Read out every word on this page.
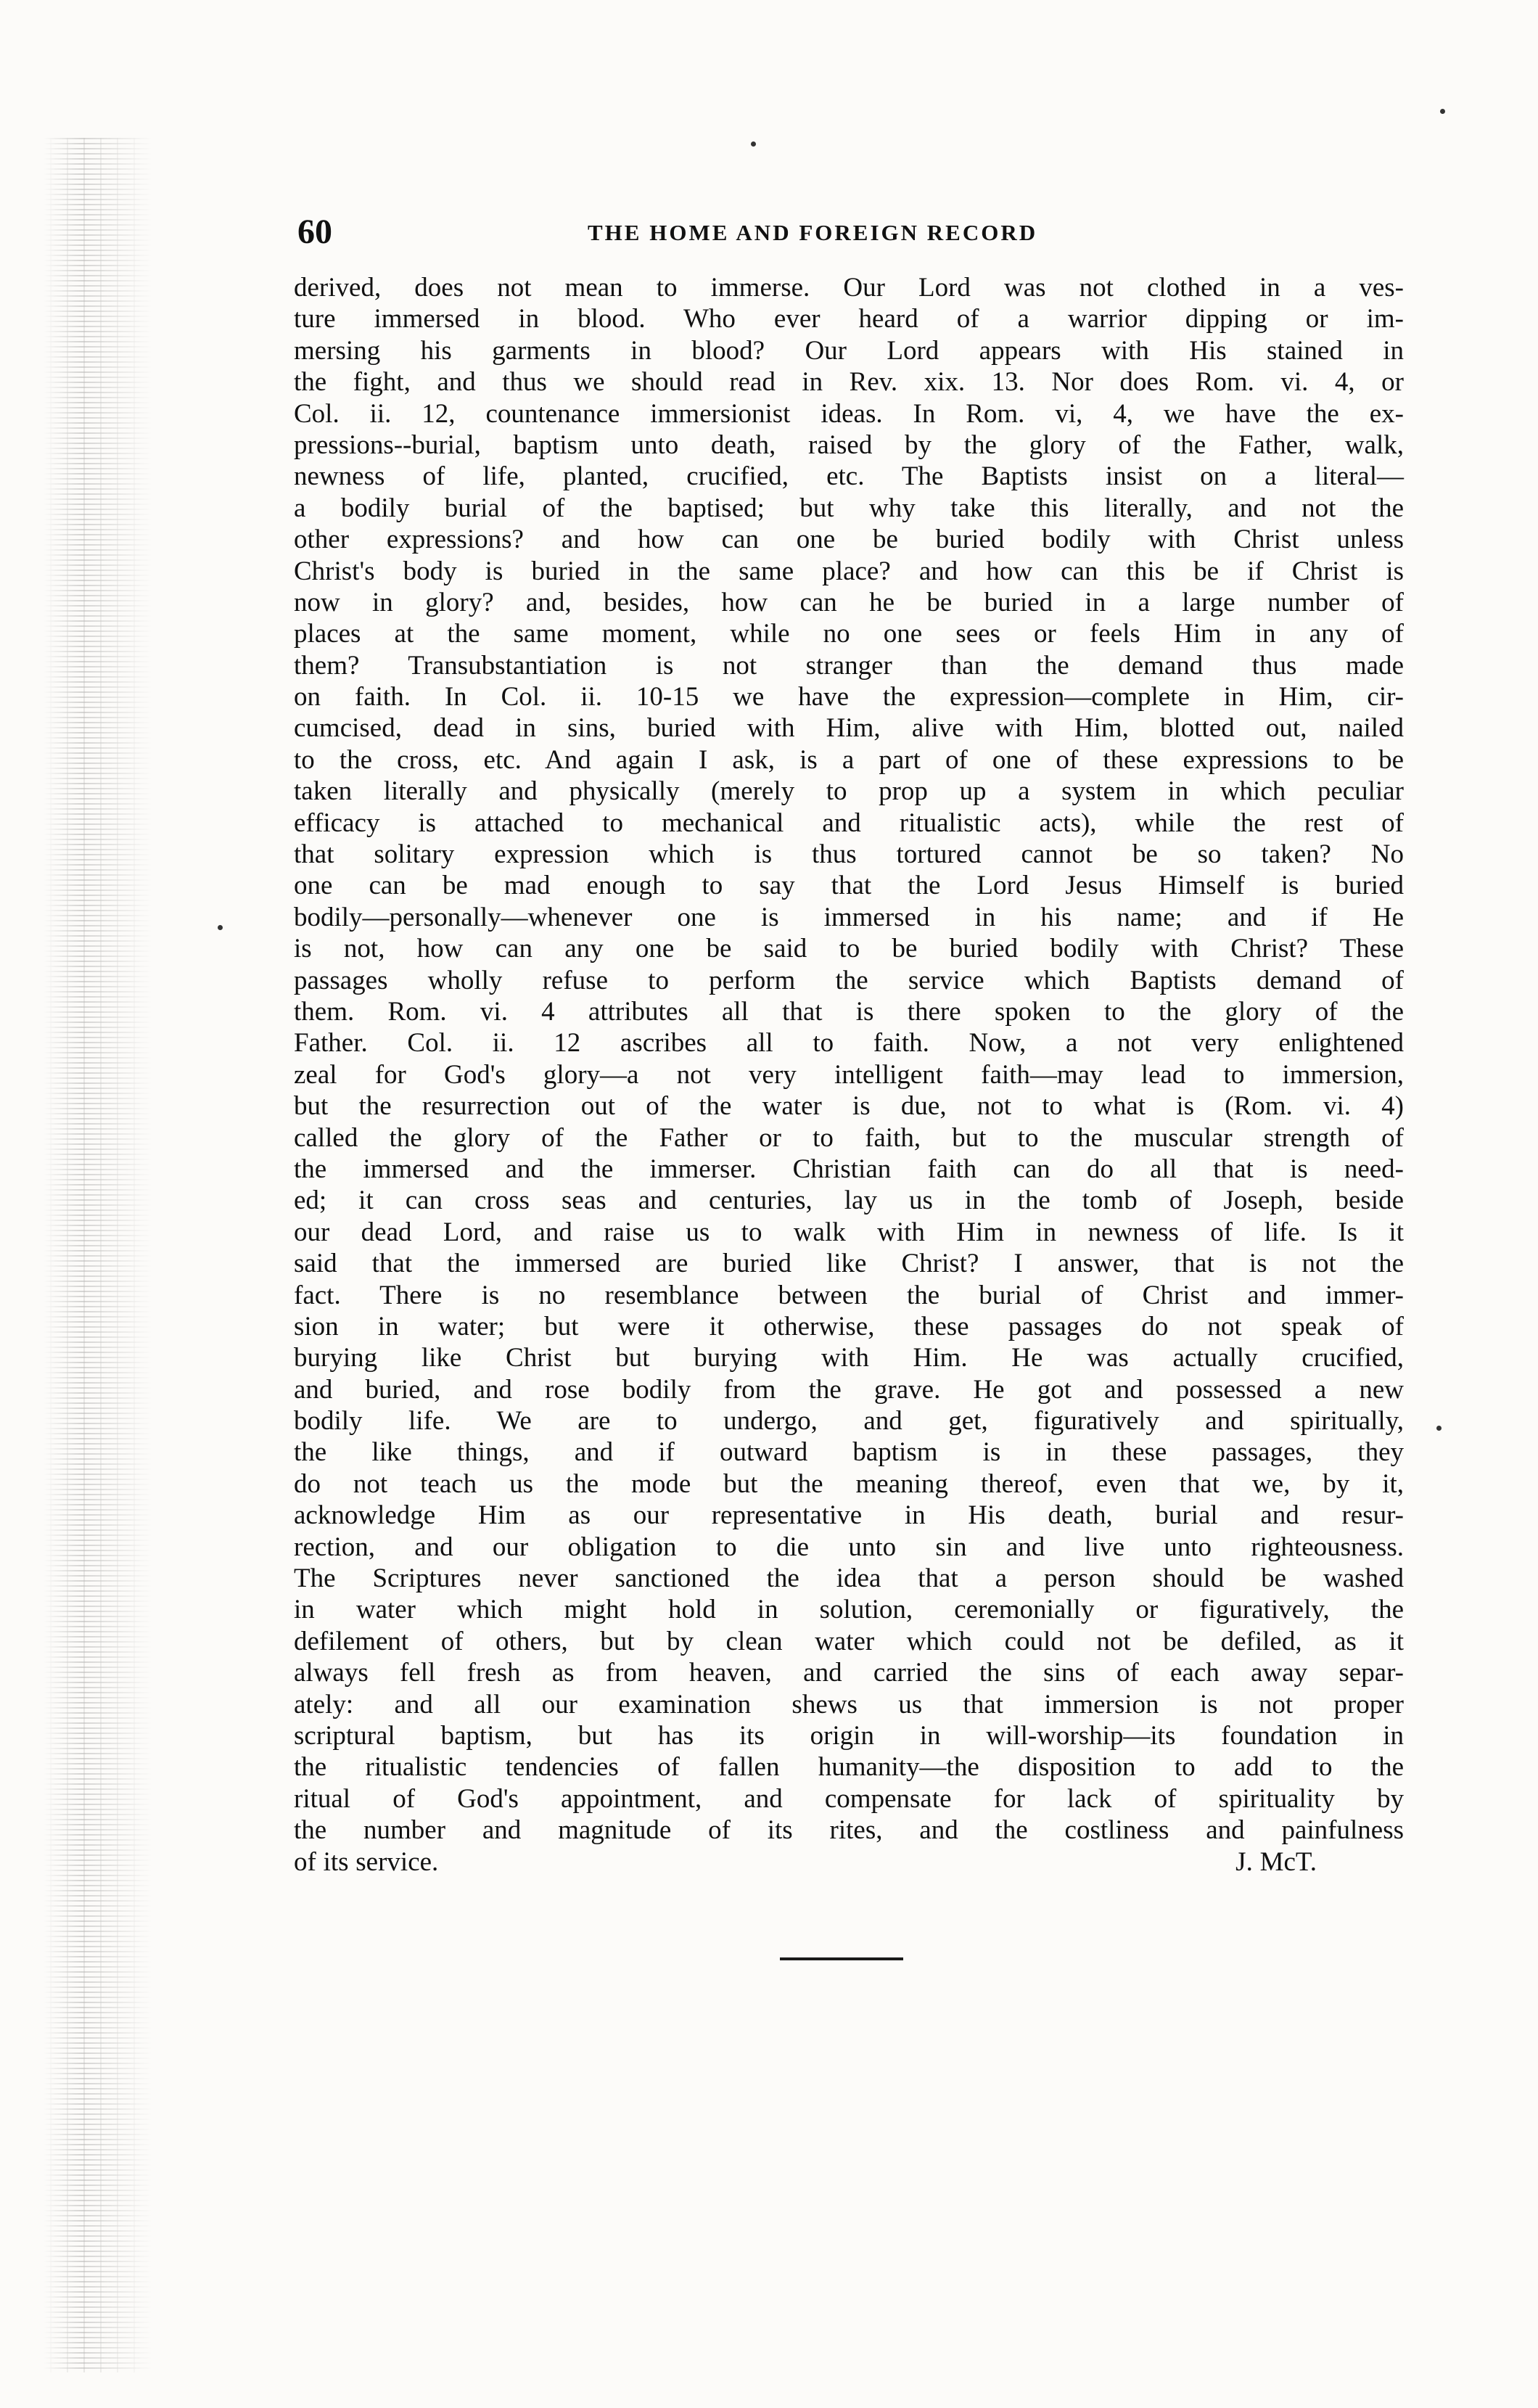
60	THE HOME AND FOREIGN RECORD
derived, does not mean to immerse. Our Lord was not clothed in a ves-
ture immersed in blood. Who ever heard of a warrior dipping or im-
mersing his garments in blood? Our Lord appears with His stained in
the fight, and thus we should read in Rev. xix. 13. Nor does Rom. vi. 4, or
Col. ii. 12, countenance immersionist ideas. In Rom. vi, 4, we have the ex-
pressions--burial, baptism unto death, raised by the glory of the Father, walk,
newness of life, planted, crucified, etc. The Baptists insist on a literal—
a bodily burial of the baptised; but why take this literally, and not the
other expressions? and how can one be buried bodily with Christ unless
Christ's body is buried in the same place? and how can this be if Christ is
now in glory? and, besides, how can he be buried in a large number of
places at the same moment, while no one sees or feels Him in any of
them? Transubstantiation is not stranger than the demand thus made
on faith. In Col. ii. 10-15 we have the expression—complete in Him, cir-
cumcised, dead in sins, buried with Him, alive with Him, blotted out, nailed
to the cross, etc. And again I ask, is a part of one of these expressions to be
taken literally and physically (merely to prop up a system in which peculiar
efficacy is attached to mechanical and ritualistic acts), while the rest of
that solitary expression which is thus tortured cannot be so taken? No
one can be mad enough to say that the Lord Jesus Himself is buried
bodily—personally—whenever one is immersed in his name; and if He
is not, how can any one be said to be buried bodily with Christ? These
passages wholly refuse to perform the service which Baptists demand of
them. Rom. vi. 4 attributes all that is there spoken to the glory of the
Father. Col. ii. 12 ascribes all to faith. Now, a not very enlightened
zeal for God's glory—a not very intelligent faith—may lead to immersion,
but the resurrection out of the water is due, not to what is (Rom. vi. 4)
called the glory of the Father or to faith, but to the muscular strength of
the immersed and the immerser. Christian faith can do all that is need-
ed; it can cross seas and centuries, lay us in the tomb of Joseph, beside
our dead Lord, and raise us to walk with Him in newness of life. Is it
said that the immersed are buried like Christ? I answer, that is not the
fact. There is no resemblance between the burial of Christ and immer-
sion in water; but were it otherwise, these passages do not speak of
burying like Christ but burying with Him. He was actually crucified,
and buried, and rose bodily from the grave. He got and possessed a new
bodily life. We are to undergo, and get, figuratively and spiritually,
the like things, and if outward baptism is in these passages, they
do not teach us the mode but the meaning thereof, even that we, by it,
acknowledge Him as our representative in His death, burial and resur-
rection, and our obligation to die unto sin and live unto righteousness.
The Scriptures never sanctioned the idea that a person should be washed
in water which might hold in solution, ceremonially or figuratively, the
defilement of others, but by clean water which could not be defiled, as it
always fell fresh as from heaven, and carried the sins of each away separ-
ately: and all our examination shews us that immersion is not proper
scriptural baptism, but has its origin in will-worship—its foundation in
the ritualistic tendencies of fallen humanity—the disposition to add to the
ritual of God's appointment, and compensate for lack of spirituality by
the number and magnitude of its rites, and the costliness and painfulness
of its service.	J. McT.
